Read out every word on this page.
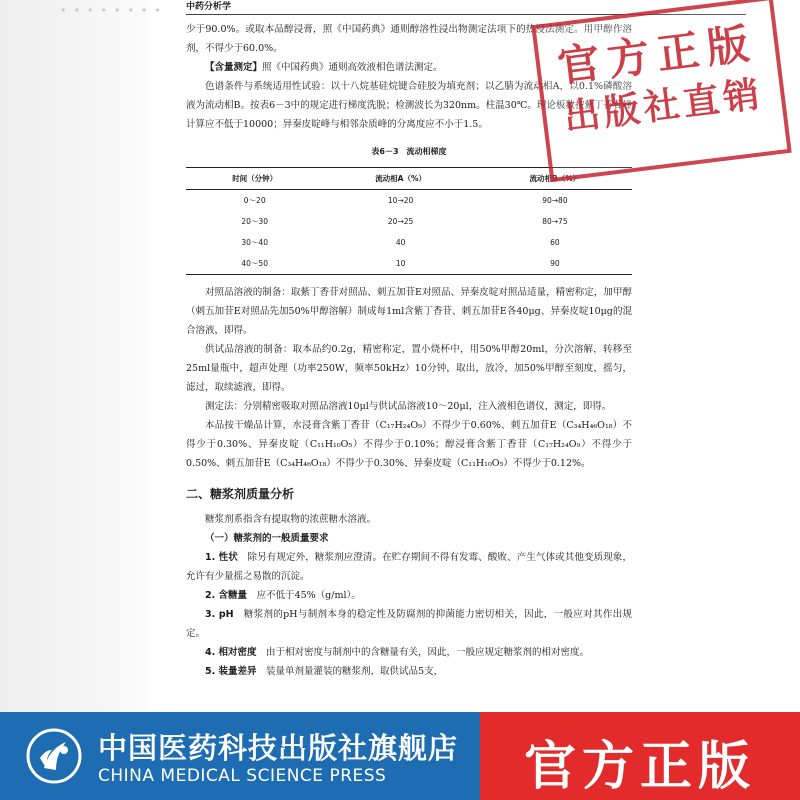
•••••••• 中药分析学

少于90.0%。或取本品醇浸膏，照《中国药典》通则醇溶性浸出物测定法项下的热浸法测定。用甲醇作溶剂，不得少于60.0%。

【含量测定】照《中国药典》通则高效液相色谱法测定。

色谱条件与系统适用性试验：以十八烷基硅烷键合硅胶为填充剂；以乙腈为流动相A，以0.1%磷酸溶液为流动相B。按表6－3中的规定进行梯度洗脱；检测波长为320nm。柱温30℃。理论板数按紫丁香苷峰计算应不低于10000；异秦皮啶峰与相邻杂质峰的分离度应不小于1.5。

表6－3　流动相梯度
时间（分钟）	流动相A（%）	流动相B（%）
0～20	10→20	90→80
20～30	20→25	80→75
30～40	40	60
40～50	10	90

对照品溶液的制备：取紫丁香苷对照品、刺五加苷E对照品、异秦皮啶对照品适量，精密称定，加甲醇（刺五加苷E对照品先加50%甲醇溶解）制成每1ml含紫丁香苷、刺五加苷E各40μg、异秦皮啶10μg的混合溶液，即得。

供试品溶液的制备：取本品约0.2g，精密称定，置小烧杯中，用50%甲醇20ml，分次溶解，转移至25ml量瓶中，超声处理（功率250W，频率50kHz）10分钟，取出，放冷，加50%甲醇至刻度，摇匀，滤过，取续滤液，即得。

测定法：分别精密吸取对照品溶液10μl与供试品溶液10～20μl，注入液相色谱仪，测定，即得。

本品按干燥品计算，水浸膏含紫丁香苷（C₁₇H₂₄O₉）不得少于0.60%、刺五加苷E（C₃₄H₄₆O₁₈）不得少于0.30%、异秦皮啶（C₁₁H₁₀O₅）不得少于0.10%；醇浸膏含紫丁香苷（C₁₇H₂₄O₉）不得少于0.50%、刺五加苷E（C₃₄H₄₆O₁₈）不得少于0.30%、异秦皮啶（C₁₁H₁₀O₅）不得少于0.12%。

二、糖浆剂质量分析

糖浆剂系指含有提取物的浓蔗糖水溶液。

（一）糖浆剂的一般质量要求

1. 性状　 除另有规定外，糖浆剂应澄清。在贮存期间不得有发霉、酸败、产生气体或其他变质现象，允许有少量摇之易散的沉淀。

2. 含糖量　 应不低于45%（g/ml）。

3. pH　 糖浆剂的pH与制剂本身的稳定性及防腐剂的抑菌能力密切相关，因此，一般应对其作出规定。

4. 相对密度　 由于相对密度与制剂中的含糖量有关，因此，一般应规定糖浆剂的相对密度。

5. 装量差异　 装量单剂量灌装的糖浆剂，取供试品5支，

官方正版
出版社直销
中国医药科技出版社旗舰店
CHINA MEDICAL SCIENCE PRESS	官方正版
